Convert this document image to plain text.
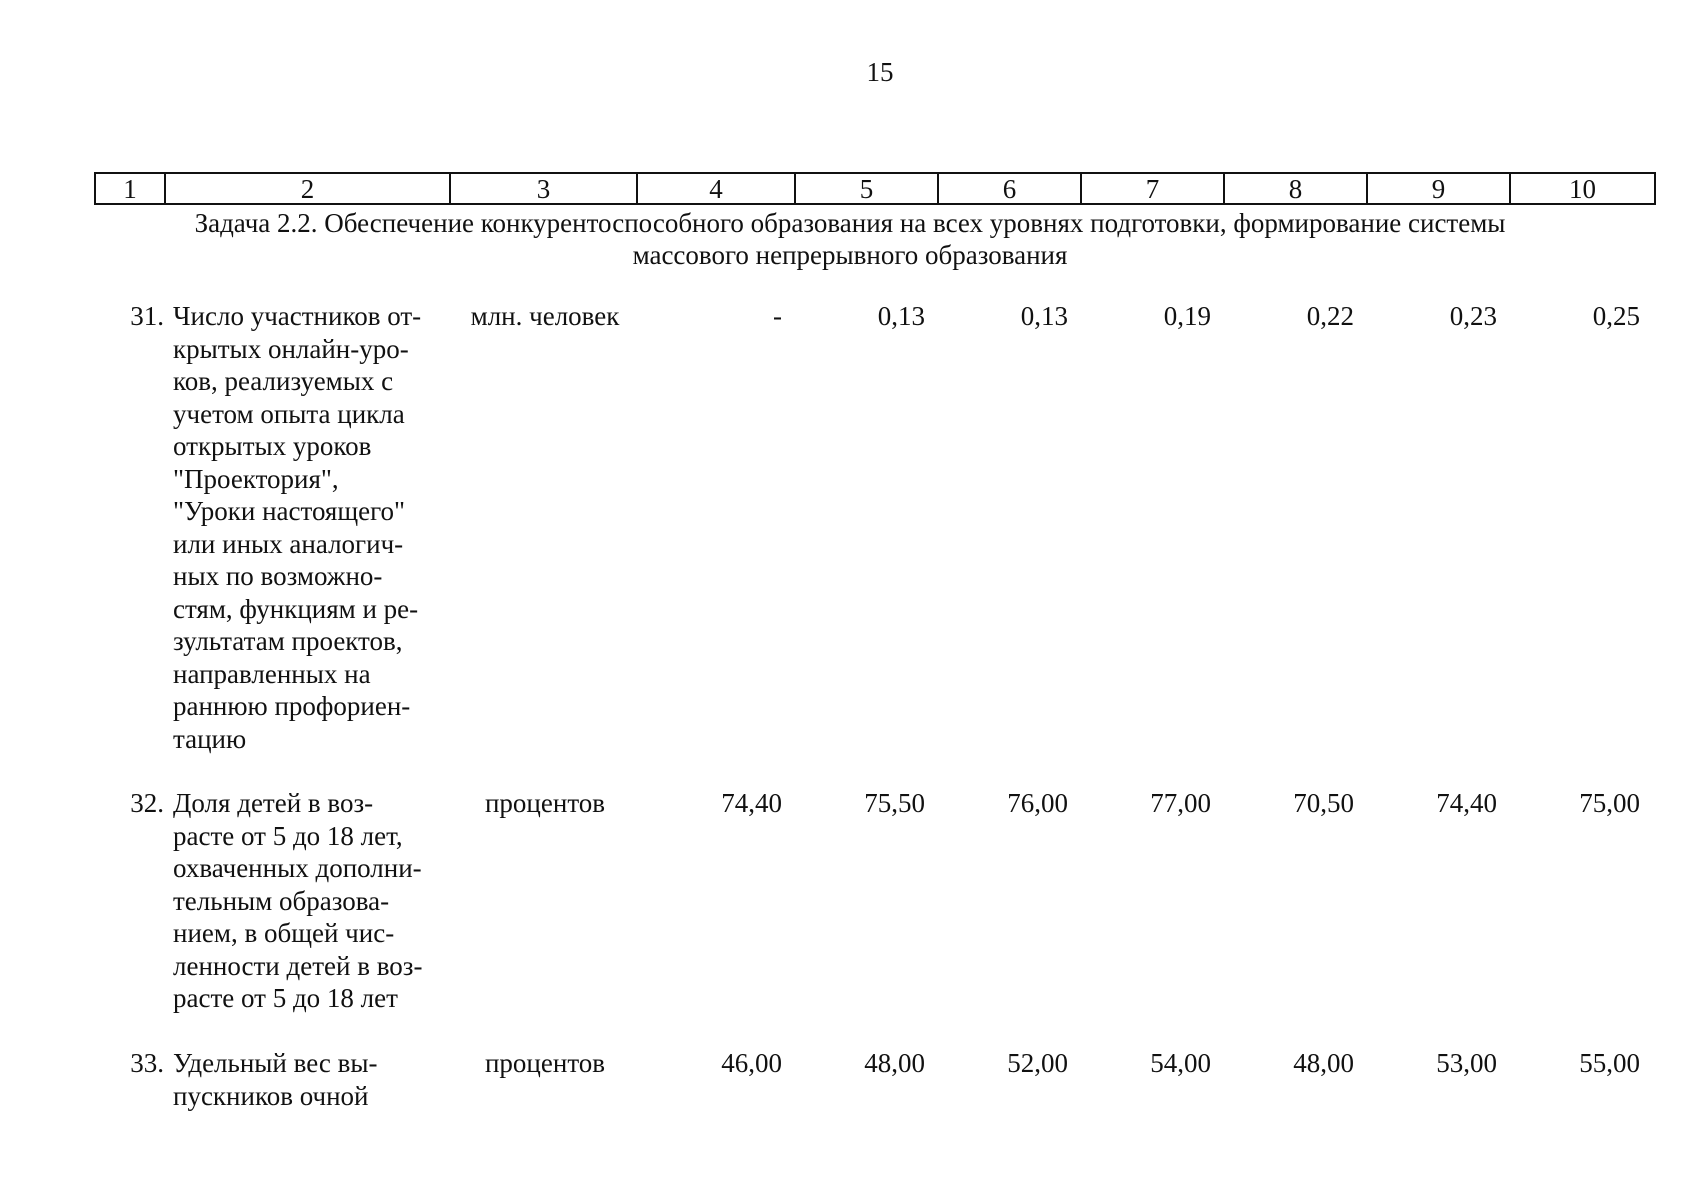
15
1	2	3	4	5	6	7	8	9	10
Задача 2.2. Обеспечение конкурентоспособного образования на всех уровнях подготовки, формирование системы массового непрерывного образования
31. Число участников от-
крытых онлайн-уро-
ков, реализуемых с
учетом опыта цикла
открытых уроков
"Проектория",
"Уроки настоящего"
или иных аналогич-
ных по возможно-
стям, функциям и ре-
зультатам проектов,
направленных на
раннюю профориен-
тацию
млн. человек	-	0,13	0,13	0,19	0,22	0,23	0,25
32. Доля детей в воз-
расте от 5 до 18 лет,
охваченных дополни-
тельным образова-
нием, в общей чис-
ленности детей в воз-
расте от 5 до 18 лет
процентов	74,40	75,50	76,00	77,00	70,50	74,40	75,00
33. Удельный вес вы-
пускников очной
процентов	46,00	48,00	52,00	54,00	48,00	53,00	55,00
